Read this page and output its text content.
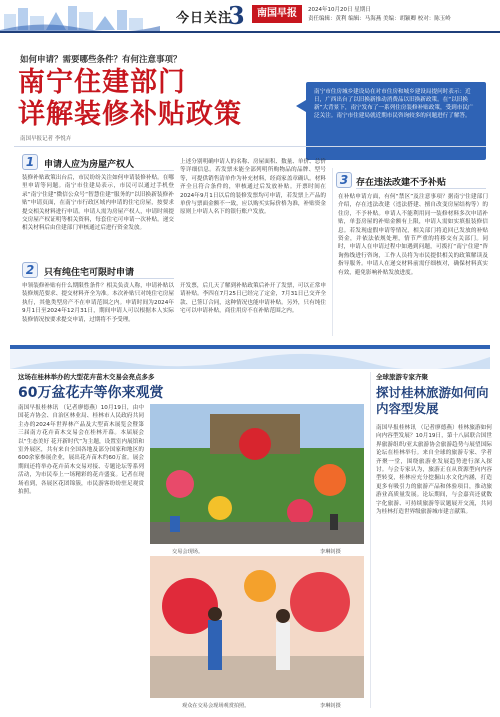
今日关注
3	南国早报	2024年10月20日 星期日
责任编辑：黄利 编辑：马海燕 美编：胡颖卿 校对：陈玉岭
如何申请？需要哪些条件？有何注意事项？
南宁住建部门
详解装修补贴政策
南国早报记者 李悦卉
南宁市住房城乡建设局在对市住房和城乡建设局提问时表示：近日，广西出台了以旧换新推动消费品以旧换新政策。在“以旧换新”大背景下，南宁发布了一系列住房装修补贴政策，受到市民广泛关注。南宁市住建局就近期市民咨询较多的问题进行了解答。
1	申请人应为房屋产权人
装修补贴政策出台后，市民纷纷关注如何申请装修补贴。在哪里申请等问题。南宁市住建局表示，市民可以通过手机登录“南宁住建”微信公众号“智慧住建”服务的“以旧换新装修补贴”申请页面，在南宁市行政区域内申请的住宅房屋，按要求提交相关材料进行申请。申请人需为房屋产权人，申请时须提交房屋产权证明等相关资料，每套住宅可申请一次补贴。递交相关材料后由住建部门审核通过后进行资金发放。
上述分别明确申请人的名称、房屋面积、数量、单价、总价等详细信息。若发票未能全部列明所购物品的品牌、型号等，可提供销售清单作为补充材料，经商家盖章确认。材料齐全且符合条件的，审核通过后发放补贴。开票时间在2024年9月1日以后的装修发票均可申请，若发票上产品的单价与票面金额不一致，应以购买实际价格为准，补贴资金原则上申请人名下的银行账户发放。
2	只有纯住宅可限时申请
申领装修补贴有什么期限性条件？相关负责人称，申请补贴以装修规范要求、提交材料齐全为准。本次补贴只对纯住宅房屋执行，其他类型房产不在申请范围之内。申请时间为2024年9月1日至2024年12月31日，期间申请人可以根据本人实际装修情况按要求提交申请，过期将不予受理。
开发票，后几天了解到补贴政策后补开了发票，可以正常申请补贴。李四在7月25日已经完了定金，7月31日已交齐全款、已签订合同，这种情况也能申请补贴。另外，只有纯住宅可以申请补贴，商住用房不在补贴范围之内。
3 存在违法改建不予补贴
在补贴申请方面，有何“禁区”及注意事项？据南宁住建部门介绍，存在违法改建（违法搭建、擅自改变房屋结构等）的住房，不予补贴。申请人不能利用同一装修材料多次申请补贴，单套房屋的补贴金额有上限，申请人需如实填报装修信息。若发现虚假申请等情况，相关部门将追回已发放的补贴资金，并依法依规处理，情节严重的将移交有关部门。同时，申请人在申请过程中如遇到问题，可拨打“南宁住建”咨询热线进行咨询，工作人员将为市民提供相关的政策解读及指导服务。申请人在递交材料前需仔细核对，确保材料真实有效，避免影响补贴发放进度。
这场在桂林举办的大型花卉苗木交易会亮点多多
60万盆花卉等你来观赏
南国早报桂林讯 （记者廖德燕）10月19日，由中国花卉协会、自治区林业局、桂林市人民政府共同主办的2024年世界林产品及大型苗木展览会暨第三届南方花卉苗木交易会在桂林开幕。本届展会以“生态美好 花开新时代”为主题，设置室内展馆和室外展区，共有来自全国各地及部分国家和地区的600余家参展企业，展出花卉苗木约60万盆。展会期间还将举办花卉苗木交易对接、专题论坛等系列活动，为市民奉上一场精彩的花卉盛宴。记者在现场看到，各展区花团锦簇，市民游客纷纷驻足观赏拍照。
交易会现场。	李琳钊摄
观众在交易会现场观赏拍照。	李琳钊摄
全球旅游专家齐聚
探讨桂林旅游如何向内容型发展
南国早报桂林讯 （记者廖德燕）桂林旅游如何向内容型发展？10月19日，第十八届联合国世界旅游组织/亚太旅游协会旅游趋势与展望国际论坛在桂林举行。来自全球的旅游专家、学者齐聚一堂，围绕旅游业发展趋势进行深入探讨。与会专家认为，旅游正在从资源型向内容型转变，桂林应充分挖掘山水文化内涵，打造更多有吸引力的旅游产品和体验项目，推动旅游业高质量发展。论坛期间，与会嘉宾还就数字化旅游、可持续旅游等议题展开交流，共同为桂林打造世界级旅游城市建言献策。
